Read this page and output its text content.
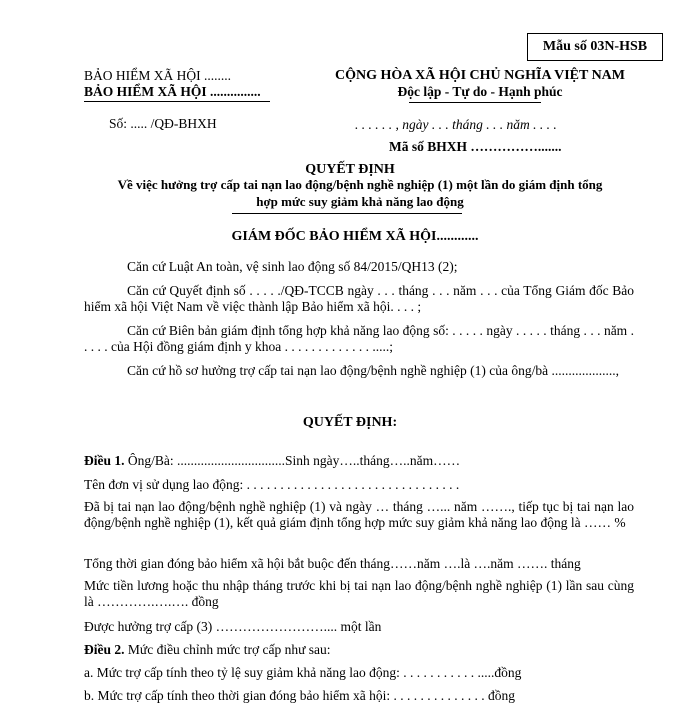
Mẫu số 03N-HSB
BẢO HIỂM XÃ HỘI ........
BẢO HIỂM XÃ HỘI ...............
Số: ..... /QĐ-BHXH
CỘNG HÒA XÃ HỘI CHỦ NGHĨA VIỆT NAM
Độc lập - Tự do - Hạnh phúc
. . . . . . , ngày . . . tháng . . . năm . . . .
Mã số BHXH …………….......
QUYẾT ĐỊNH
Về việc hưởng trợ cấp tai nạn lao động/bệnh nghề nghiệp (1) một lần do giám định tổng
hợp mức suy giảm khả năng lao động
GIÁM ĐỐC BẢO HIỂM XÃ HỘI............
Căn cứ Luật An toàn, vệ sinh lao động số 84/2015/QH13 (2);
Căn cứ Quyết định số . . . . ./QĐ-TCCB ngày . . . tháng . . . năm . . . của Tổng Giám đốc Bảo hiểm xã hội Việt Nam về việc thành lập Bảo hiểm xã hội. . . . ;
Căn cứ Biên bản giám định tổng hợp khả năng lao động số: . . . . . ngày . . . . . tháng . . . năm . . . . . của Hội đồng giám định y khoa . . . . . . . . . . . . . .....;
Căn cứ hồ sơ hưởng trợ cấp tai nạn lao động/bệnh nghề nghiệp (1) của ông/bà ...................,
QUYẾT ĐỊNH:
Điều 1. Ông/Bà: ................................Sinh ngày…..tháng…..năm……
Tên đơn vị sử dụng lao động: . . . . . . . . . . . . . . . . . . . . . . . . . . . . . . . .
Đã bị tai nạn lao động/bệnh nghề nghiệp (1) và ngày … tháng …... năm ……., tiếp tục bị tai nạn lao động/bệnh nghề nghiệp (1), kết quả giám định tổng hợp mức suy giảm khả năng lao động là …… %
Tổng thời gian đóng bảo hiểm xã hội bắt buộc đến tháng……năm ….là ….năm ……. tháng
Mức tiền lương hoặc thu nhập tháng trước khi bị tai nạn lao động/bệnh nghề nghiệp (1) lần sau cùng là ………….….…. đồng
Được hưởng trợ cấp (3) …………………….... một lần
Điều 2. Mức điều chỉnh mức trợ cấp như sau:
a. Mức trợ cấp tính theo tỷ lệ suy giảm khả năng lao động: . . . . . . . . . . . .....đồng
b. Mức trợ cấp tính theo thời gian đóng bảo hiểm xã hội: . . . . . . . . . . . . . . đồng
